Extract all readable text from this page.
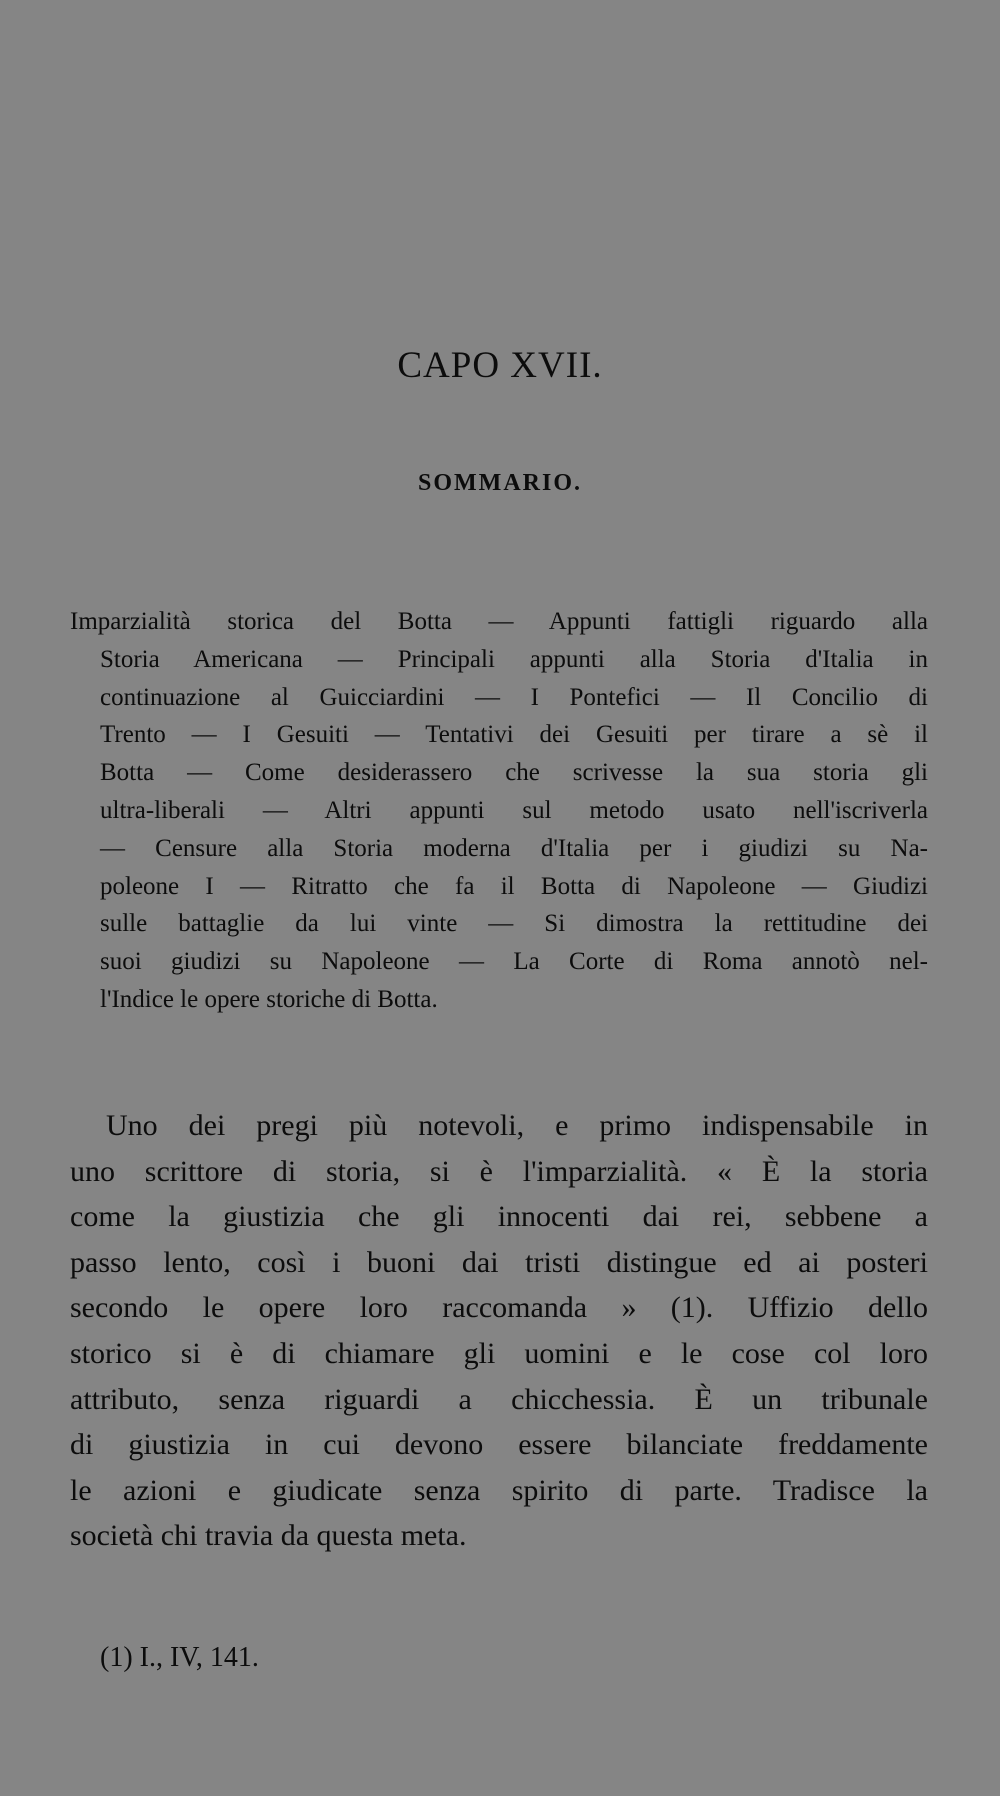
CAPO XVII.
SOMMARIO.
Imparzialità storica del Botta — Appunti fattigli riguardo alla
Storia Americana — Principali appunti alla Storia d'Italia in
continuazione al Guicciardini — I Pontefici — Il Concilio di
Trento — I Gesuiti — Tentativi dei Gesuiti per tirare a sè il
Botta — Come desiderassero che scrivesse la sua storia gli
ultra-liberali — Altri appunti sul metodo usato nell'iscriverla
— Censure alla Storia moderna d'Italia per i giudizi su Na-
poleone I — Ritratto che fa il Botta di Napoleone — Giudizi
sulle battaglie da lui vinte — Si dimostra la rettitudine dei
suoi giudizi su Napoleone — La Corte di Roma annotò nel-
l'Indice le opere storiche di Botta.
Uno dei pregi più notevoli, e primo indispensabile in
uno scrittore di storia, si è l'imparzialità. « È la storia
come la giustizia che gli innocenti dai rei, sebbene a
passo lento, così i buoni dai tristi distingue ed ai posteri
secondo le opere loro raccomanda » (1). Uffizio dello
storico si è di chiamare gli uomini e le cose col loro
attributo, senza riguardi a chicchessia. È un tribunale
di giustizia in cui devono essere bilanciate freddamente
le azioni e giudicate senza spirito di parte. Tradisce la
società chi travia da questa meta.
(1) I., IV, 141.
